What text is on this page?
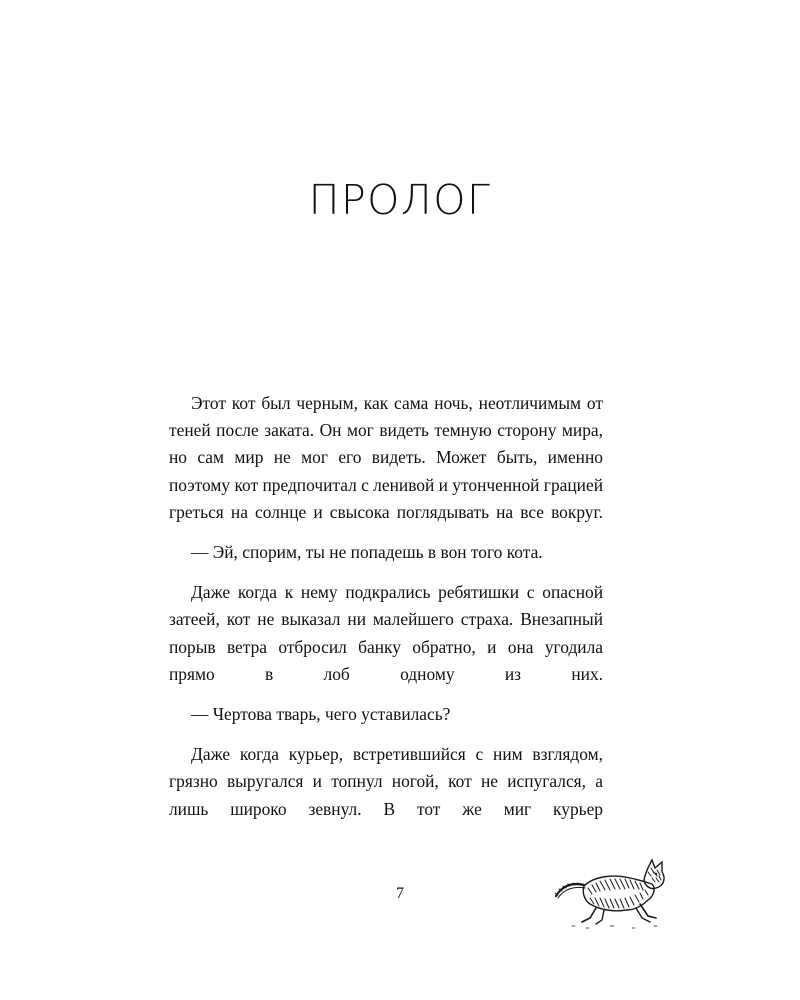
ПРОЛОГ

Этот кот был черным, как сама ночь, неотличимым от теней после заката. Он мог видеть темную сторону мира, но сам мир не мог его видеть. Может быть, именно поэтому кот предпочитал с ленивой и утонченной грацией греться на солнце и свысока поглядывать на все вокруг.

— Эй, спорим, ты не попадешь в вон того кота.

Даже когда к нему подкрались ребятишки с опасной затеей, кот не выказал ни малейшего страха. Внезапный порыв ветра отбросил банку обратно, и она угодила прямо в лоб одному из них.

— Чертова тварь, чего уставилась?

Даже когда курьер, встретившийся с ним взглядом, грязно выругался и топнул ногой, кот не испугался, а лишь широко зевнул. В тот же миг курьер

7
